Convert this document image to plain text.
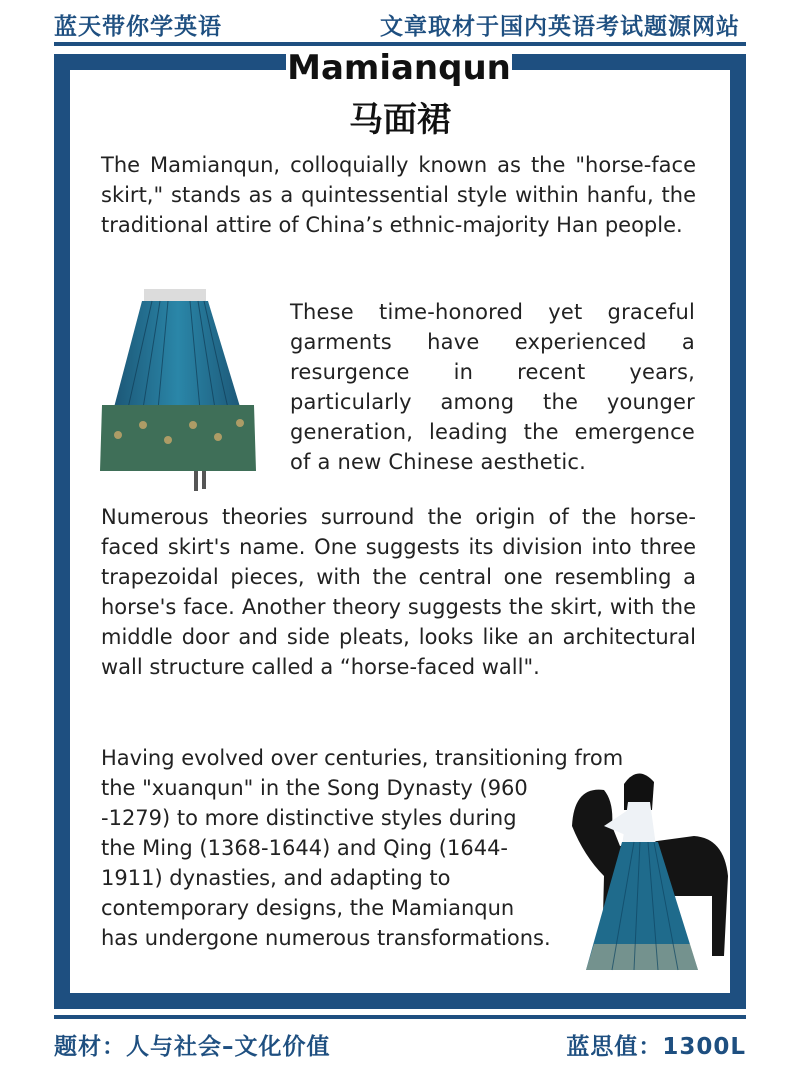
蓝天带你学英语	文章取材于国内英语考试题源网站
Mamianqun
马面裙

The Mamianqun, colloquially known as the "horse-face skirt," stands as a quintessential style within hanfu, the traditional attire of China’s ethnic-majority Han people.

These time-honored yet graceful garments have experienced a resurgence in recent years, particularly among the younger generation, leading the emergence of a new Chinese aesthetic.

Numerous theories surround the origin of the horse-faced skirt's name. One suggests its division into three trapezoidal pieces, with the central one resembling a horse's face. Another theory suggests the skirt, with the middle door and side pleats, looks like an architectural wall structure called a “horse-faced wall".

Having evolved over centuries, transitioning from
the "xuanqun" in the Song Dynasty (960
-1279) to more distinctive styles during
the Ming (1368-1644) and Qing (1644-
1911) dynasties, and adapting to
contemporary designs, the Mamianqun
has undergone numerous transformations.
题材：人与社会–文化价值	蓝思值：1300L
